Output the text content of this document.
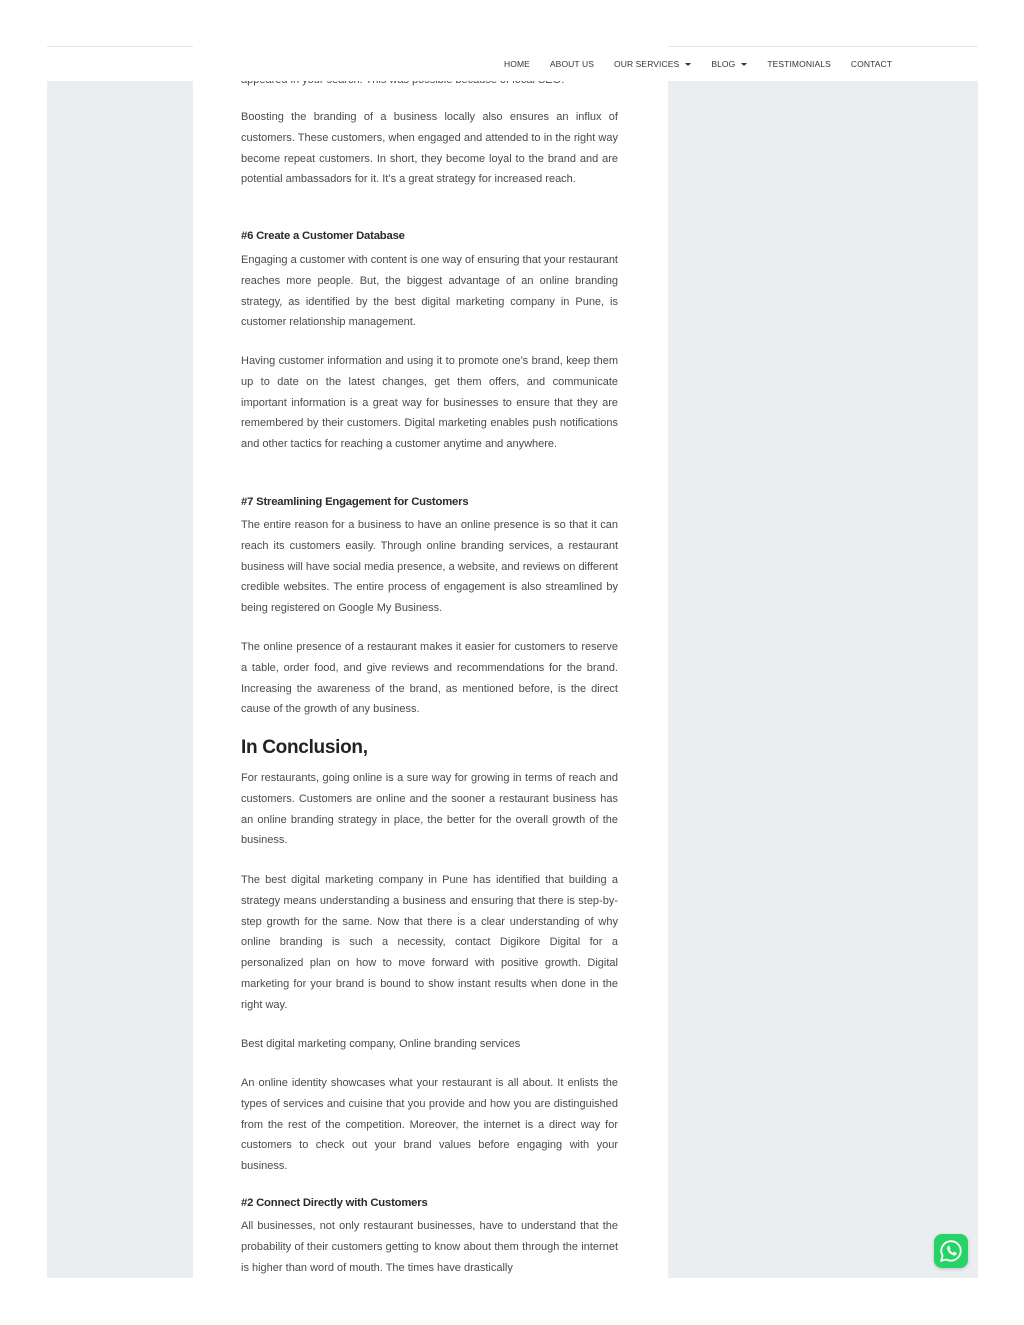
Boosting the branding of a business locally also ensures an influx of customers. These customers, when engaged and attended to in the right way become repeat customers. In short, they become loyal to the brand and are potential ambassadors for it. It’s a great strategy for increased reach.

#6 Create a Customer Database

Engaging a customer with content is one way of ensuring that your restaurant reaches more people. But, the biggest advantage of an online branding strategy, as identified by the best digital marketing company in Pune, is customer relationship management.

Having customer information and using it to promote one’s brand, keep them up to date on the latest changes, get them offers, and communicate important information is a great way for businesses to ensure that they are remembered by their customers. Digital marketing enables push notifications and other tactics for reaching a customer anytime and anywhere.

#7 Streamlining Engagement for Customers

The entire reason for a business to have an online presence is so that it can reach its customers easily. Through online branding services, a restaurant business will have social media presence, a website, and reviews on different credible websites. The entire process of engagement is also streamlined by being registered on Google My Business.

The online presence of a restaurant makes it easier for customers to reserve a table, order food, and give reviews and recommendations for the brand. Increasing the awareness of the brand, as mentioned before, is the direct cause of the growth of any business.

In Conclusion,

For restaurants, going online is a sure way for growing in terms of reach and customers. Customers are online and the sooner a restaurant business has an online branding strategy in place, the better for the overall growth of the business.

The best digital marketing company in Pune has identified that building a strategy means understanding a business and ensuring that there is step-by-step growth for the same. Now that there is a clear understanding of why online branding is such a necessity, contact Digikore Digital for a personalized plan on how to move forward with positive growth. Digital marketing for your brand is bound to show instant results when done in the right way.

Best digital marketing company, Online branding services

An online identity showcases what your restaurant is all about. It enlists the types of services and cuisine that you provide and how you are distinguished from the rest of the competition. Moreover, the internet is a direct way for customers to check out your brand values before engaging with your business.

#2 Connect Directly with Customers

All businesses, not only restaurant businesses, have to understand that the probability of their customers getting to know about them through the internet is higher than word of mouth. The times have drastically

HOME ABOUT US OUR SERVICES	BLOG	TESTIMONIALS CONTACT
